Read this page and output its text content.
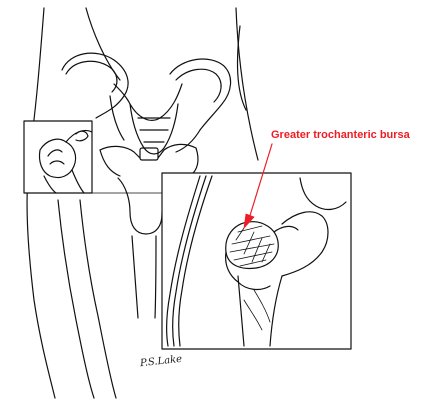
Greater trochanteric bursa
P.S.Lake
